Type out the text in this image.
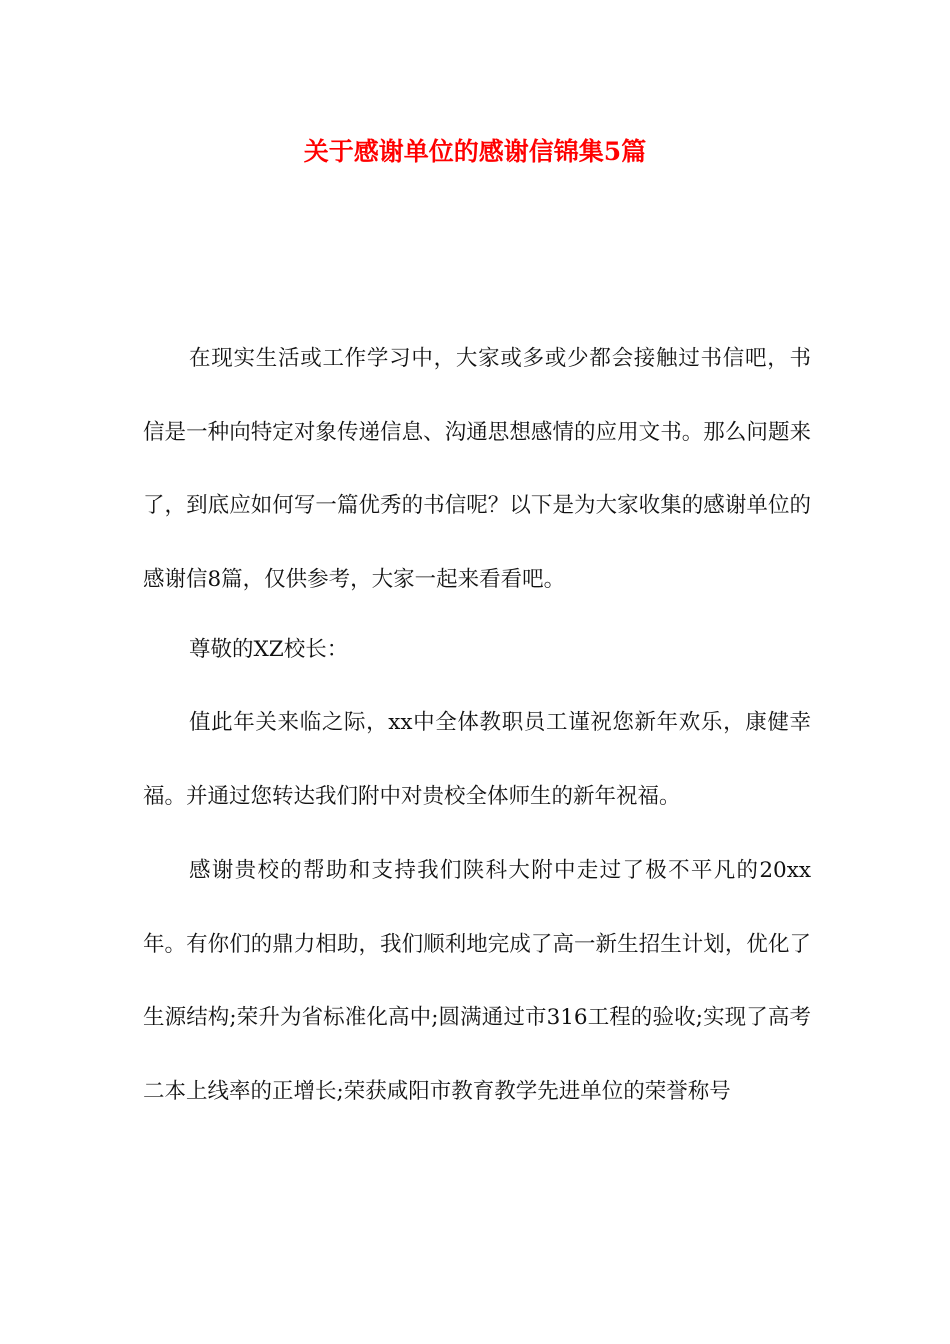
关于感谢单位的感谢信锦集5篇

在现实生活或工作学习中，大家或多或少都会接触过书信吧，书信是一种向特定对象传递信息、沟通思想感情的应用文书。那么问题来了，到底应如何写一篇优秀的书信呢？以下是为大家收集的感谢单位的感谢信8篇，仅供参考，大家一起来看看吧。

尊敬的XZ校长：

值此年关来临之际，xx中全体教职员工谨祝您新年欢乐，康健幸福。并通过您转达我们附中对贵校全体师生的新年祝福。

感谢贵校的帮助和支持我们陕科大附中走过了极不平凡的20xx年。有你们的鼎力相助，我们顺利地完成了高一新生招生计划，优化了生源结构;荣升为省标准化高中;圆满通过市316工程的验收;实现了高考二本上线率的正增长;荣获咸阳市教育教学先进单位的荣誉称号
